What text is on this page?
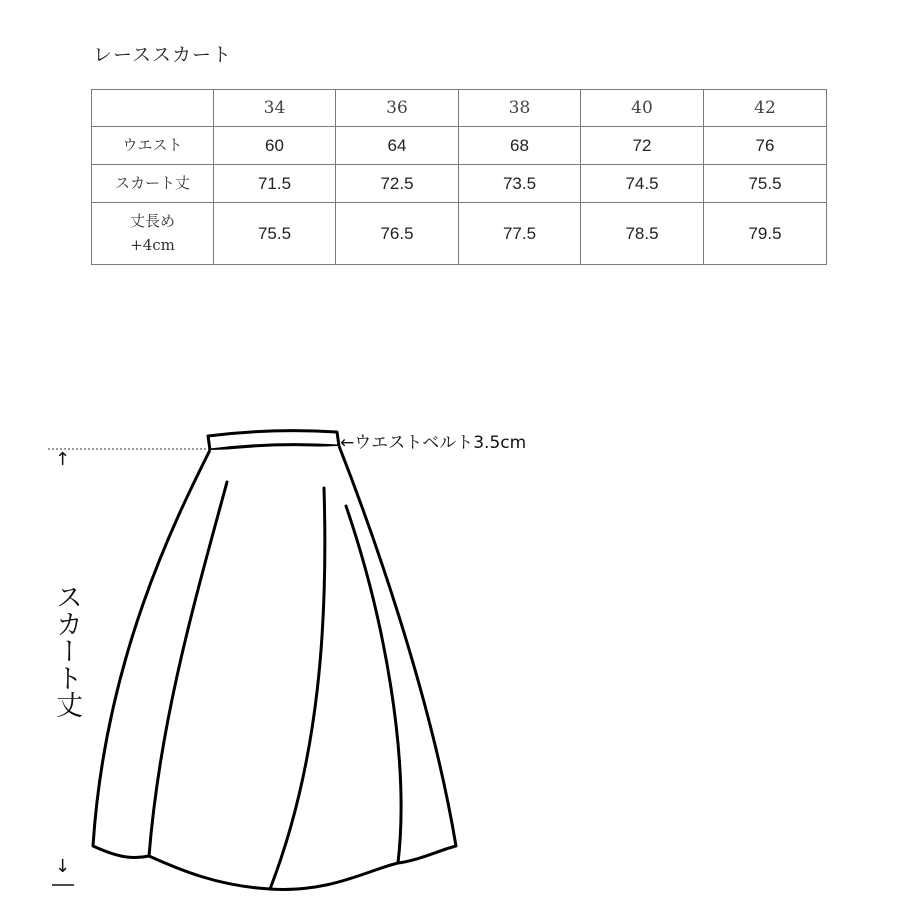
レーススカート
	34	36	38	40	42

ウエスト	60	64	68	72	76

スカート丈	71.5	72.5	73.5	74.5	75.5

丈長め
+4cm	75.5	76.5	77.5	78.5	79.5
←ウエストベルト3.5cm
↑
↓
スカート丈
